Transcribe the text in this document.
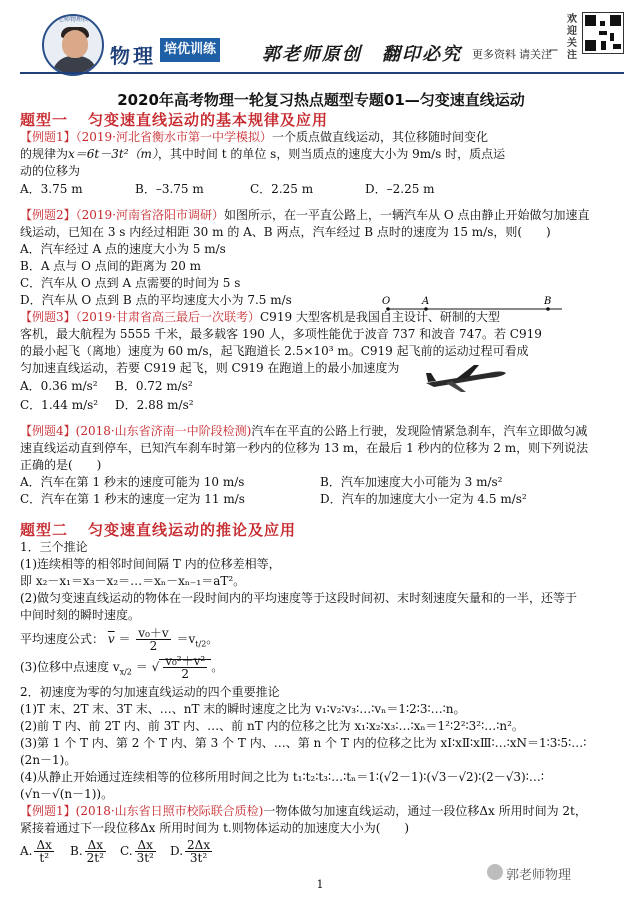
郭老师物理教学
物理 培优训练	郭老师原创　翻印必究 更多资料 请关注
⌐
欢迎关注
2020年高考物理一轮复习热点题型专题01—匀变速直线运动
题型一 匀变速直线运动的基本规律及应用

【例题1】（2019·河北省衡水市第一中学模拟）一个质点做直线运动，其位移随时间变化

的规律为x＝6t－3t²（m），其中时间 t 的单位 s，则当质点的速度大小为 9m/s 时，质点运

动的位移为

A．3.75 m	B．–3.75 m	C．2.25 m	D．–2.25 m

【例题2】（2019·河南省洛阳市调研）如图所示，在一平直公路上，一辆汽车从 O 点由静止开始做匀加速直

线运动，已知在 3 s 内经过相距 30 m 的 A、B 两点，汽车经过 B 点时的速度为 15 m/s，则(　　)

A．汽车经过 A 点的速度大小为 5 m/s

B．A 点与 O 点间的距离为 20 m

C．汽车从 O 点到 A 点需要的时间为 5 s

D．汽车从 O 点到 B 点的平均速度大小为 7.5 m/s	O	A	B

【例题3】（2019·甘肃省高三最后一次联考）C919 大型客机是我国自主设计、研制的大型

客机，最大航程为 5555 千米，最多载客 190 人，多项性能优于波音 737 和波音 747。若 C919

的最小起飞（离地）速度为 60 m/s，起飞跑道长 2.5×10³ m。C919 起飞前的运动过程可看成

匀加速直线运动，若要 C919 起飞，则 C919 在跑道上的最小加速度为

A．0.36 m/s²	B．0.72 m/s²
C．1.44 m/s²	D．2.88 m/s²

【例题4】(2018·山东省济南一中阶段检测)汽车在平直的公路上行驶，发现险情紧急刹车，汽车立即做匀减

速直线运动直到停车，已知汽车刹车时第一秒内的位移为 13 m，在最后 1 秒内的位移为 2 m，则下列说法

正确的是(　　)

A．汽车在第 1 秒末的速度可能为 10 m/s	B．汽车加速度大小可能为 3 m/s²
C．汽车在第 1 秒末的速度一定为 11 m/s	D．汽车的加速度大小一定为 4.5 m/s²
题型二 匀变速直线运动的推论及应用

1．三个推论

(1)连续相等的相邻时间间隔 T 内的位移差相等，

即 x₂－x₁＝x₃－x₂＝…＝xₙ－xₙ₋₁＝aT²。

(2)做匀变速直线运动的物体在一段时间内的平均速度等于这段时间初、末时刻速度矢量和的一半，还等于

中间时刻的瞬时速度。

平均速度公式： $\overline{v} = \frac{\text{v₀＋v}}{2} =v_{t/2}$。

(3)位移中点速度 $v_{x/2}$ ＝ √ $\frac{\text{v₀²＋v²}}{2}$ 。

2．初速度为零的匀加速直线运动的四个重要推论

(1)T 末、2T 末、3T 末、…、nT 末的瞬时速度之比为 v₁∶v₂∶v₃∶…∶vₙ＝1∶2∶3∶…∶n。

(2)前 T 内、前 2T 内、前 3T 内、…、前 nT 内的位移之比为 x₁∶x₂∶x₃∶…∶xₙ＝1²∶2²∶3²∶…∶n²。

(3)第 1 个 T 内、第 2 个 T 内、第 3 个 T 内、…、第 n 个 T 内的位移之比为 xⅠ∶xⅡ∶xⅢ∶…∶xN＝1∶3∶5∶…∶

(2n－1)。

(4)从静止开始通过连续相等的位移所用时间之比为 t₁∶t₂∶t₃∶…∶tₙ＝1∶(√2－1)∶(√3－√2)∶(2－√3)∶…∶

(√n－√(n－1))。

【例题1】(2018·山东省日照市校际联合质检)一物体做匀加速直线运动，通过一段位移Δx 所用时间为 2t，

紧接着通过下一段位移Δx 所用时间为 t.则物体运动的加速度大小为(　　)

A. $\frac{\Delta x}{\text{t²}} B$. $\frac{\Delta x}{\text{2t²}} C$. $\frac{\Delta x}{\text{3t²}} D$. $\frac{2\Delta x}{\text{3t²}}$
郭老师物理
1
